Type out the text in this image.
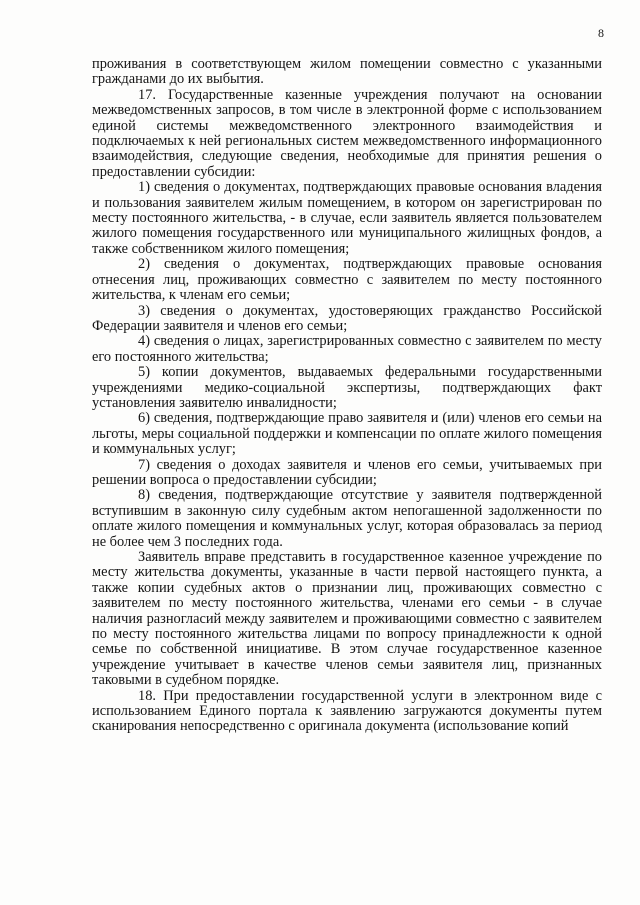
8

проживания в соответствующем жилом помещении совместно с указанными гражданами до их выбытия.

17. Государственные казенные учреждения получают на основании межведомственных запросов, в том числе в электронной форме с использованием единой системы межведомственного электронного взаимодействия и подключаемых к ней региональных систем межведомственного информационного взаимодействия, следующие сведения, необходимые для принятия решения о предоставлении субсидии:

1) сведения о документах, подтверждающих правовые основания владения и пользования заявителем жилым помещением, в котором он зарегистрирован по месту постоянного жительства, - в случае, если заявитель является пользователем жилого помещения государственного или муниципального жилищных фондов, а также собственником жилого помещения;

2) сведения о документах, подтверждающих правовые основания отнесения лиц, проживающих совместно с заявителем по месту постоянного жительства, к членам его семьи;

3) сведения о документах, удостоверяющих гражданство Российской Федерации заявителя и членов его семьи;

4) сведения о лицах, зарегистрированных совместно с заявителем по месту его постоянного жительства;

5) копии документов, выдаваемых федеральными государственными учреждениями медико-социальной экспертизы, подтверждающих факт установления заявителю инвалидности;

6) сведения, подтверждающие право заявителя и (или) членов его семьи на льготы, меры социальной поддержки и компенсации по оплате жилого помещения и коммунальных услуг;

7) сведения о доходах заявителя и членов его семьи, учитываемых при решении вопроса о предоставлении субсидии;

8) сведения, подтверждающие отсутствие у заявителя подтвержденной вступившим в законную силу судебным актом непогашенной задолженности по оплате жилого помещения и коммунальных услуг, которая образовалась за период не более чем 3 последних года.

Заявитель вправе представить в государственное казенное учреждение по месту жительства документы, указанные в части первой настоящего пункта, а также копии судебных актов о признании лиц, проживающих совместно с заявителем по месту постоянного жительства, членами его семьи - в случае наличия разногласий между заявителем и проживающими совместно с заявителем по месту постоянного жительства лицами по вопросу принадлежности к одной семье по собственной инициативе. В этом случае государственное казенное учреждение учитывает в качестве членов семьи заявителя лиц, признанных таковыми в судебном порядке.

18. При предоставлении государственной услуги в электронном виде с использованием Единого портала к заявлению загружаются документы путем сканирования непосредственно с оригинала документа (использование копий
